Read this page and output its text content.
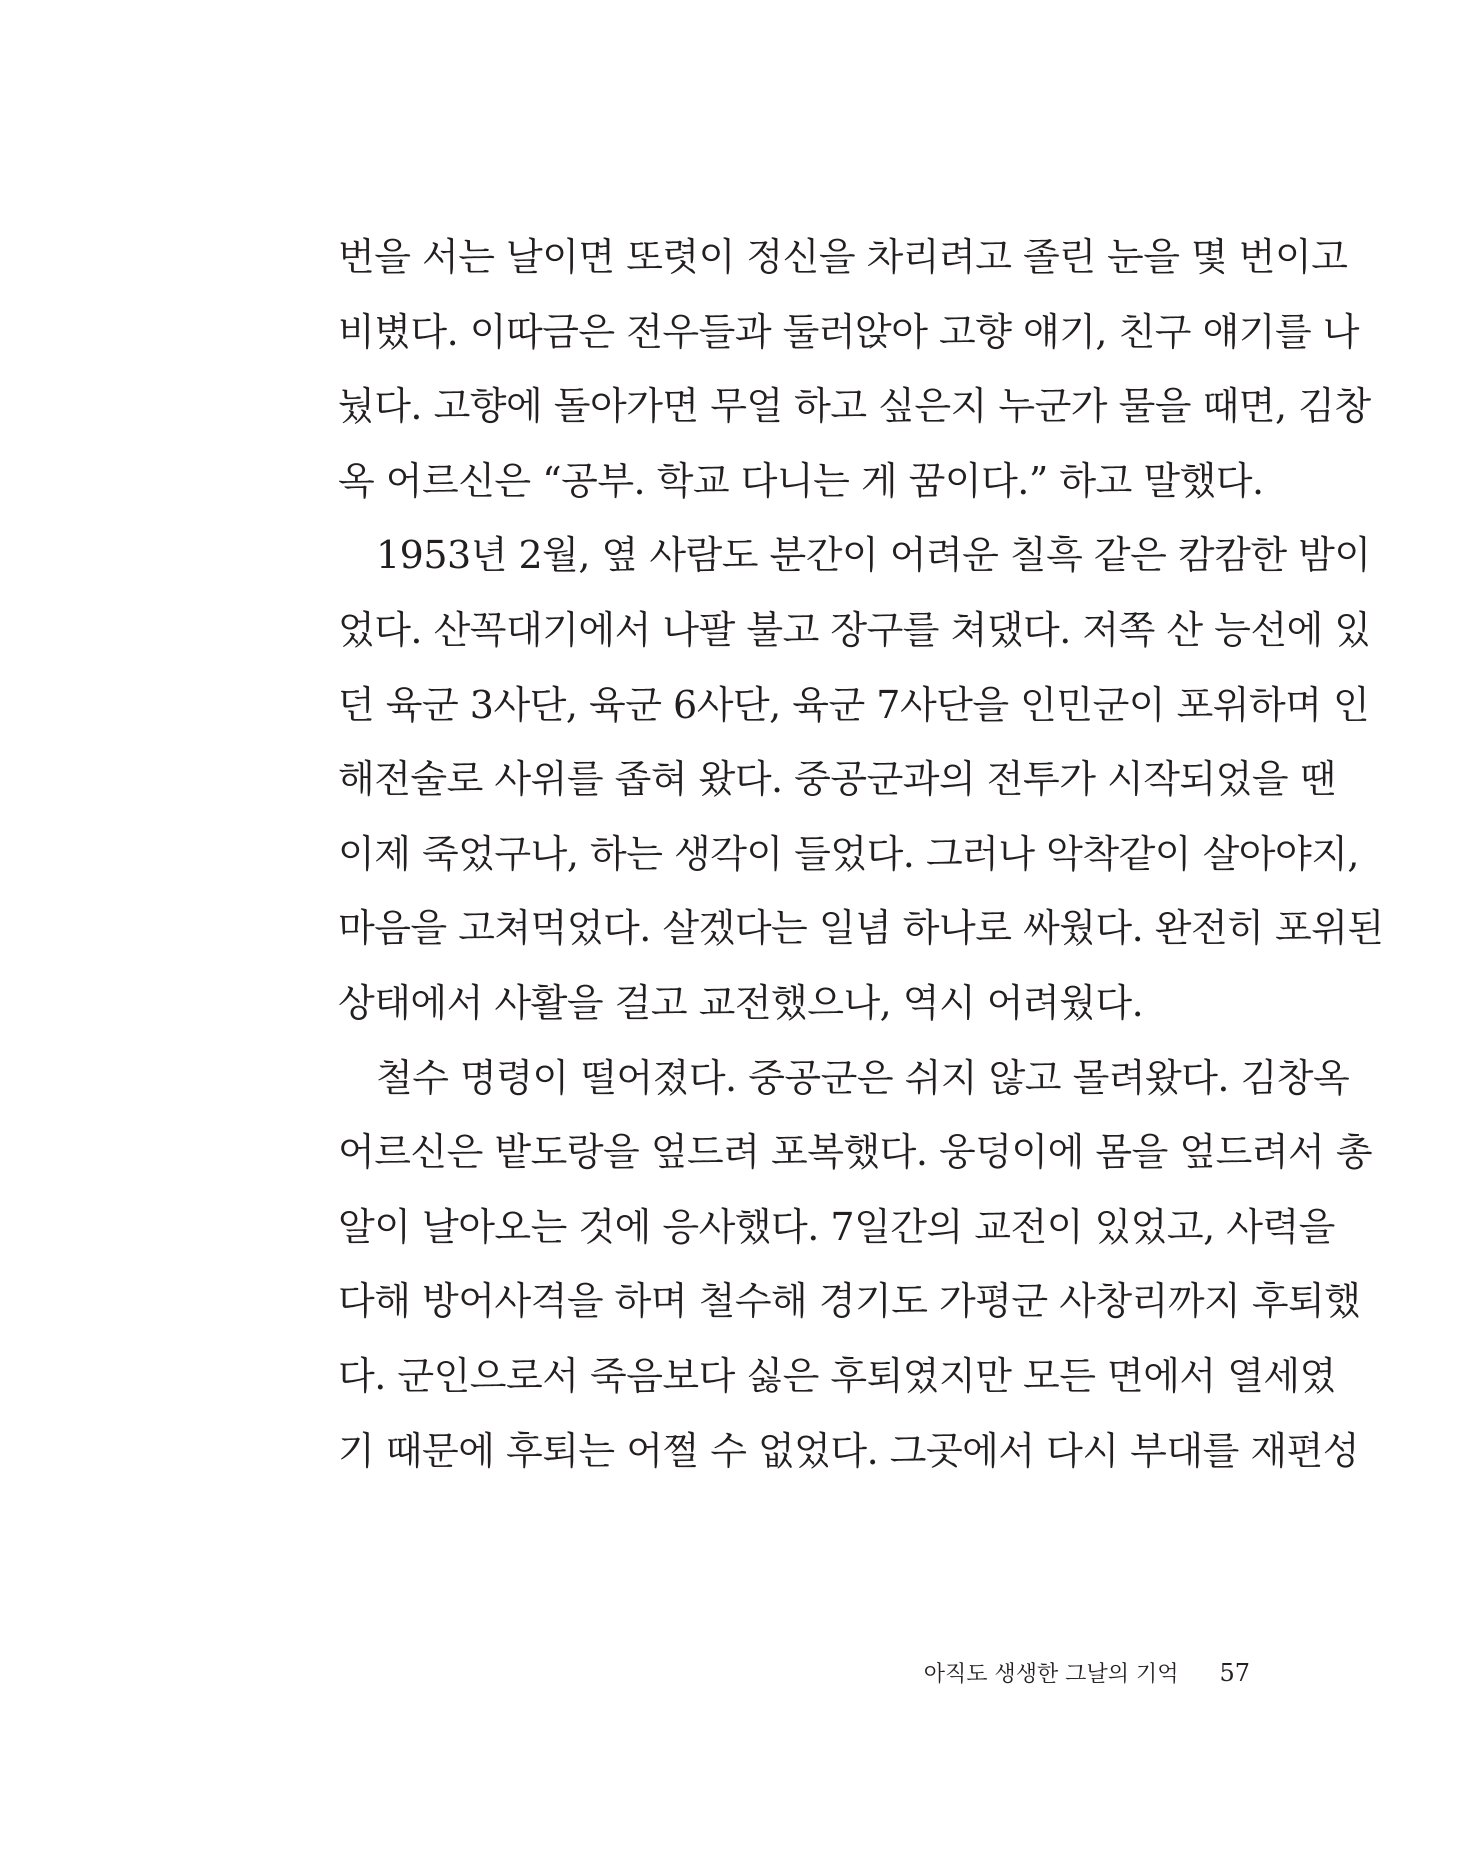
번을 서는 날이면 또렷이 정신을 차리려고 졸린 눈을 몇 번이고
비볐다. 이따금은 전우들과 둘러앉아 고향 얘기, 친구 얘기를 나
눴다. 고향에 돌아가면 무얼 하고 싶은지 누군가 물을 때면, 김창
옥 어르신은 “공부. 학교 다니는 게 꿈이다.” 하고 말했다.
1953년 2월, 옆 사람도 분간이 어려운 칠흑 같은 캄캄한 밤이
었다. 산꼭대기에서 나팔 불고 장구를 쳐댔다. 저쪽 산 능선에 있
던 육군 3사단, 육군 6사단, 육군 7사단을 인민군이 포위하며 인
해전술로 사위를 좁혀 왔다. 중공군과의 전투가 시작되었을 땐
이제 죽었구나, 하는 생각이 들었다. 그러나 악착같이 살아야지,
마음을 고쳐먹었다. 살겠다는 일념 하나로 싸웠다. 완전히 포위된
상태에서 사활을 걸고 교전했으나, 역시 어려웠다.
철수 명령이 떨어졌다. 중공군은 쉬지 않고 몰려왔다. 김창옥
어르신은 밭도랑을 엎드려 포복했다. 웅덩이에 몸을 엎드려서 총
알이 날아오는 것에 응사했다. 7일간의 교전이 있었고, 사력을
다해 방어사격을 하며 철수해 경기도 가평군 사창리까지 후퇴했
다. 군인으로서 죽음보다 싫은 후퇴였지만 모든 면에서 열세였
기 때문에 후퇴는 어쩔 수 없었다. 그곳에서 다시 부대를 재편성
아직도 생생한 그날의 기억 57
